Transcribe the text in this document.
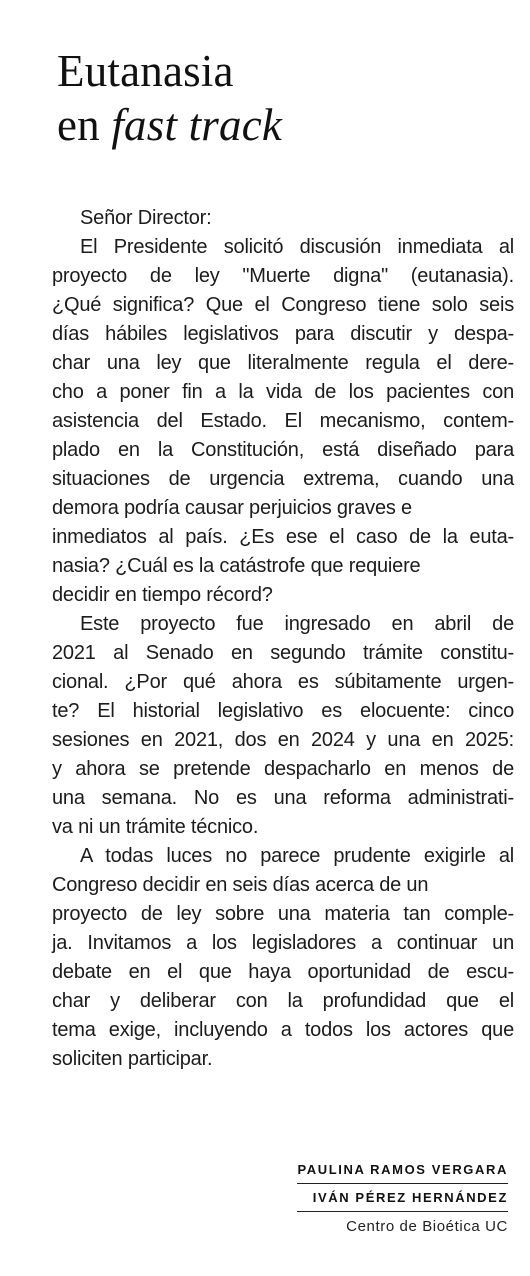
Eutanasia
en fast track
Señor Director:
El Presidente solicitó discusión inmediata al
proyecto de ley "Muerte digna" (eutanasia).
¿Qué significa? Que el Congreso tiene solo seis
días hábiles legislativos para discutir y despa-
char una ley que literalmente regula el dere-
cho a poner fin a la vida de los pacientes con
asistencia del Estado. El mecanismo, contem-
plado en la Constitución, está diseñado para
situaciones de urgencia extrema, cuando una
demora podría causar perjuicios graves e
inmediatos al país. ¿Es ese el caso de la euta-
nasia? ¿Cuál es la catástrofe que requiere
decidir en tiempo récord?
Este proyecto fue ingresado en abril de
2021 al Senado en segundo trámite constitu-
cional. ¿Por qué ahora es súbitamente urgen-
te? El historial legislativo es elocuente: cinco
sesiones en 2021, dos en 2024 y una en 2025:
y ahora se pretende despacharlo en menos de
una semana. No es una reforma administrati-
va ni un trámite técnico.
A todas luces no parece prudente exigirle al
Congreso decidir en seis días acerca de un
proyecto de ley sobre una materia tan comple-
ja. Invitamos a los legisladores a continuar un
debate en el que haya oportunidad de escu-
char y deliberar con la profundidad que el
tema exige, incluyendo a todos los actores que
soliciten participar.
PAULINA RAMOS VERGARA
IVÁN PÉREZ HERNÁNDEZ
Centro de Bioética UC
